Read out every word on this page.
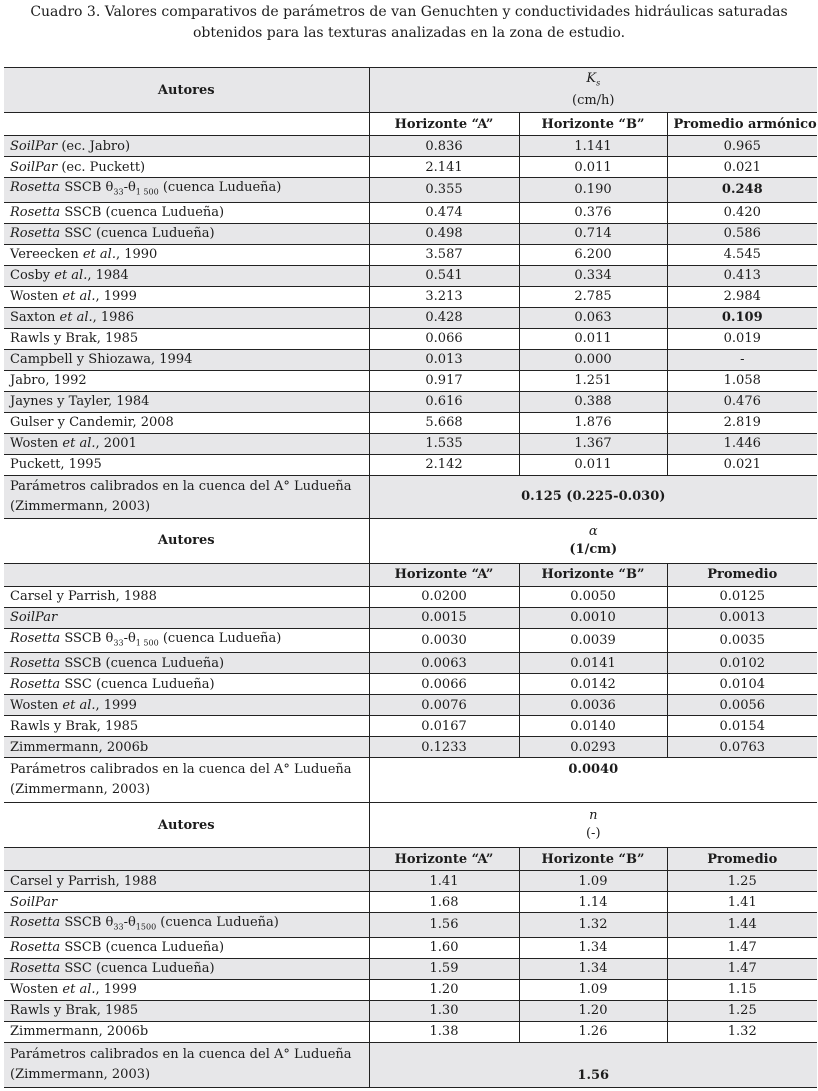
Cuadro 3. Valores comparativos de parámetros de van Genuchten y conductividades hidráulicas saturadas
obtenidos para las texturas analizadas en la zona de estudio.
Autores	$K_s$
(cm/h)		

	Horizonte “A”	Horizonte “B”	Promedio armónico
SoilPar (ec. Jabro)	0.836	1.141	0.965
SoilPar (ec. Puckett)	2.141	0.011	0.021
Rosetta SSCB $\theta_{33}-\theta_{1 500}$ (cuenca Ludueña)	0.355	0.190	0.248
Rosetta SSCB (cuenca Ludueña)	0.474	0.376	0.420
Rosetta SSC (cuenca Ludueña)	0.498	0.714	0.586
Vereecken et al., 1990	3.587	6.200	4.545
Cosby et al., 1984	0.541	0.334	0.413
Wosten et al., 1999	3.213	2.785	2.984
Saxton et al., 1986	0.428	0.063	0.109
Rawls y Brak, 1985	0.066	0.011	0.019
Campbell y Shiozawa, 1994	0.013	0.000	-
Jabro, 1992	0.917	1.251	1.058
Jaynes y Tayler, 1984	0.616	0.388	0.476
Gulser y Candemir, 2008	5.668	1.876	2.819
Wosten et al., 2001	1.535	1.367	1.446
Puckett, 1995	2.142	0.011	0.021

Parámetros calibrados en la cuenca del A° Ludueña
(Zimmermann, 2003)	0.125 (0.225-0.030)		
Autores	α
(1/cm)		

	Horizonte “A”	Horizonte “B”	Promedio
Carsel y Parrish, 1988	0.0200	0.0050	0.0125
SoilPar	0.0015	0.0010	0.0013
Rosetta SSCB $\theta_{33}-\theta_{1 500}$ (cuenca Ludueña)	0.0030	0.0039	0.0035
Rosetta SSCB (cuenca Ludueña)	0.0063	0.0141	0.0102
Rosetta SSC (cuenca Ludueña)	0.0066	0.0142	0.0104
Wosten et al., 1999	0.0076	0.0036	0.0056
Rawls y Brak, 1985	0.0167	0.0140	0.0154
Zimmermann, 2006b	0.1233	0.0293	0.0763

Parámetros calibrados en la cuenca del A° Ludueña
(Zimmermann, 2003)	0.0040		
Autores	n
(-)		

	Horizonte “A”	Horizonte “B”	Promedio
Carsel y Parrish, 1988	1.41	1.09	1.25
SoilPar	1.68	1.14	1.41
Rosetta SSCB $\theta_{33}-\theta_{1500}$ (cuenca Ludueña)	1.56	1.32	1.44
Rosetta SSCB (cuenca Ludueña)	1.60	1.34	1.47
Rosetta SSC (cuenca Ludueña)	1.59	1.34	1.47
Wosten et al., 1999	1.20	1.09	1.15
Rawls y Brak, 1985	1.30	1.20	1.25
Zimmermann, 2006b	1.38	1.26	1.32

Parámetros calibrados en la cuenca del A° Ludueña
(Zimmermann, 2003)	1.56		
